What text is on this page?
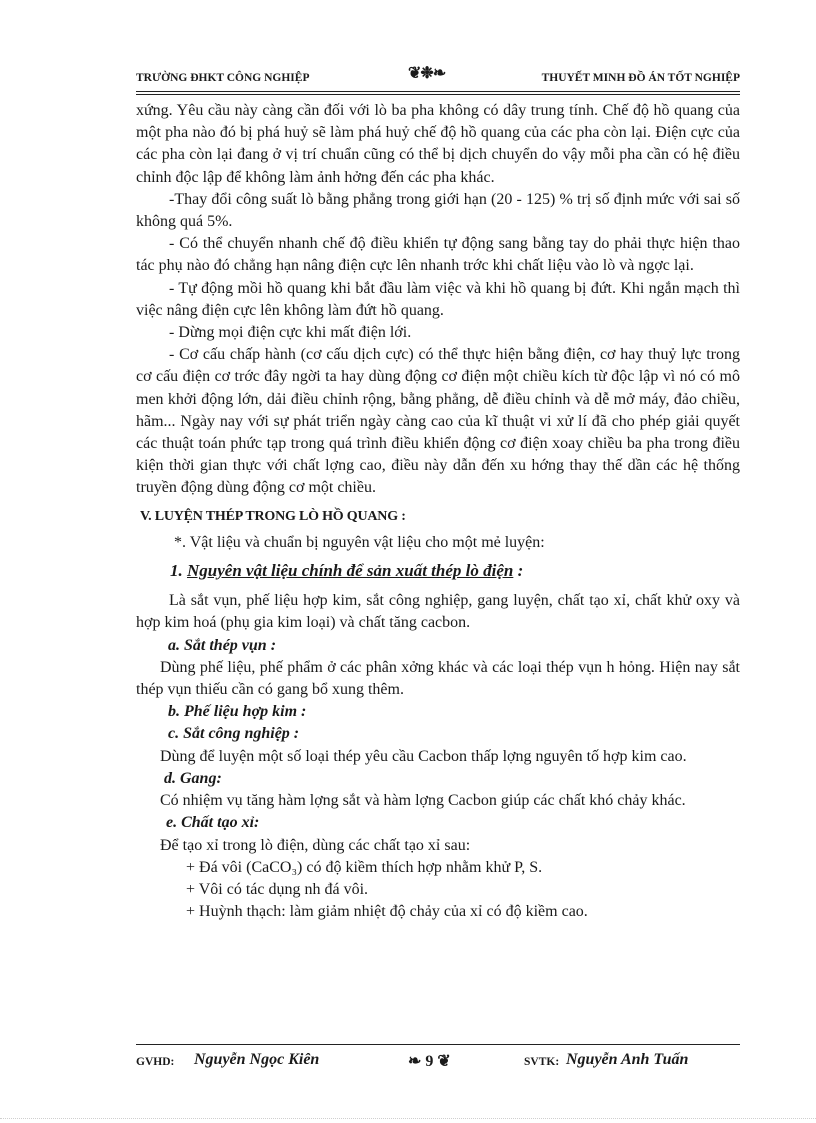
TRƯỜNG ĐHKT CÔNG NGHIỆP	❦❉❧	THUYẾT MINH ĐỒ ÁN TỐT NGHIỆP

xứng. Yêu cầu này càng cần đối với lò ba pha không có dây trung tính. Chế độ hồ quang của một pha nào đó bị phá huỷ sẽ làm phá huỷ chế độ hồ quang của các pha còn lại. Điện cực của các pha còn lại đang ở vị trí chuẩn cũng có thể bị dịch chuyển do vậy mỗi pha cần có hệ điều chỉnh độc lập để không làm ảnh hởng đến các pha khác.

-Thay đổi công suất lò bằng phẳng trong giới hạn (20 - 125) % trị số định mức với sai số không quá 5%.

- Có thể chuyển nhanh chế độ điều khiển tự động sang bằng tay do phải thực hiện thao tác phụ nào đó chẳng hạn nâng điện cực lên nhanh trớc khi chất liệu vào lò và ngợc lại.

- Tự động mồi hồ quang khi bắt đầu làm việc và khi hồ quang bị đứt. Khi ngắn mạch thì việc nâng điện cực lên không làm đứt hồ quang.

- Dừng mọi điện cực khi mất điện lới.

- Cơ cấu chấp hành (cơ cấu dịch cực) có thể thực hiện bằng điện, cơ hay thuỷ lực trong cơ cấu điện cơ trớc đây ngời ta hay dùng động cơ điện một chiều kích từ độc lập vì nó có mô men khởi động lớn, dải điều chỉnh rộng, bằng phẳng, dễ điều chỉnh và dễ mở máy, đảo chiều, hãm... Ngày nay với sự phát triển ngày càng cao của kĩ thuật vi xử lí đã cho phép giải quyết các thuật toán phức tạp trong quá trình điều khiển động cơ điện xoay chiều ba pha trong điều kiện thời gian thực với chất lợng cao, điều này dẫn đến xu hớng thay thế dần các hệ thống truyền động dùng động cơ một chiều.

V. LUYỆN THÉP TRONG LÒ HỒ QUANG :

*. Vật liệu và chuẩn bị nguyên vật liệu cho một mẻ luyện:

1. Nguyên vật liệu chính để sản xuất thép lò điện :

Là sắt vụn, phế liệu hợp kim, sắt công nghiệp, gang luyện, chất tạo xỉ, chất khử oxy và hợp kim hoá (phụ gia kim loại) và chất tăng cacbon.

a. Sắt thép vụn :

Dùng phế liệu, phế phẩm ở các phân xởng khác và các loại thép vụn h hỏng. Hiện nay sắt thép vụn thiếu cần có gang bổ xung thêm.

b. Phế liệu hợp kim :

c. Sắt công nghiệp :

Dùng để luyện một số loại thép yêu cầu Cacbon thấp lợng nguyên tố hợp kim cao.

d. Gang:

Có nhiệm vụ tăng hàm lợng sắt và hàm lợng Cacbon giúp các chất khó chảy khác.

e. Chất tạo xỉ:

Để tạo xỉ trong lò điện, dùng các chất tạo xỉ sau:

+ Đá vôi (CaCO₃) có độ kiềm thích hợp nhằm khử P, S.

+ Vôi có tác dụng nh đá vôi.

+ Huỳnh thạch: làm giảm nhiệt độ chảy của xỉ có độ kiềm cao.

GVHD: Nguyễn Ngọc Kiên	❧ 9 ❦	SVTK: Nguyễn Anh Tuấn
